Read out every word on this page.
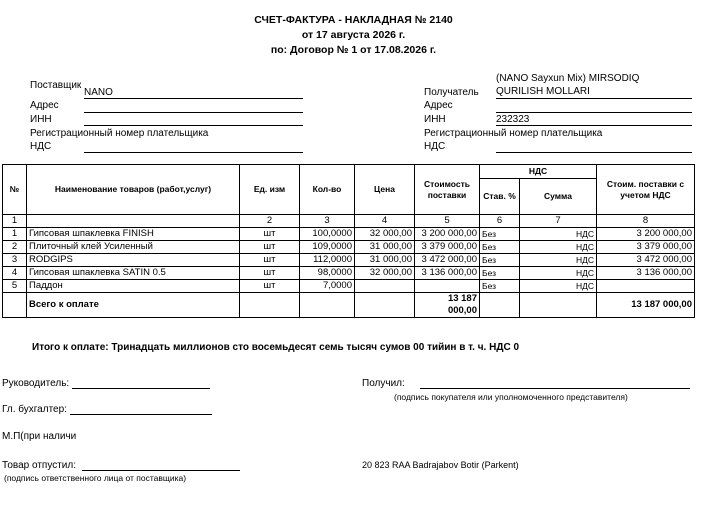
СЧЕТ-ФАКТУРА - НАКЛАДНАЯ № 2140
от 17 августа 2026 г.
по: Договор № 1 от 17.08.2026 г.
Поставщик
NANO
Адрес
ИНН
Регистрационный номер плательщика
НДС
(NANO Sayxun Mix) MIRSODIQ
Получатель QURILISH MOLLARI
Адрес
ИНН	232323
Регистрационный номер плательщика
НДС
№	Наименование товаров (работ,услуг)	Ед. изм	Кол-во	Цена	Стоимость поставки	НДС		Стоим. поставки с учетом НДС
						Став. %	Сумма	
1		2	3	4	5	6	7	8
1	Гипсовая шпаклевка FINISH	шт	100,0000	32 000,00	3 200 000,00	Без	НДС	3 200 000,00
2	Плиточный клей Усиленный	шт	109,0000	31 000,00	3 379 000,00	Без	НДС	3 379 000,00
3	RODGIPS	шт	112,0000	31 000,00	3 472 000,00	Без	НДС	3 472 000,00
4	Гипсовая шпаклевка SATIN 0.5	шт	98,0000	32 000,00	3 136 000,00	Без	НДС	3 136 000,00
5	Паддон	шт	7,0000			Без	НДС	
	Всего к оплате				13 187 000,00			13 187 000,00
Итого к оплате: Тринадцать миллионов сто восемьдесят семь тысяч сумов 00 тийин в т. ч. НДС 0
Руководитель:	Получил:
(подпись покупателя или уполномоченного представителя)
Гл. бухгалтер:
М.П(при наличи
Товар отпустил:
(подпись ответственного лица от поставщика)
20 823 RAA Badrajabov Botir (Parkent)
